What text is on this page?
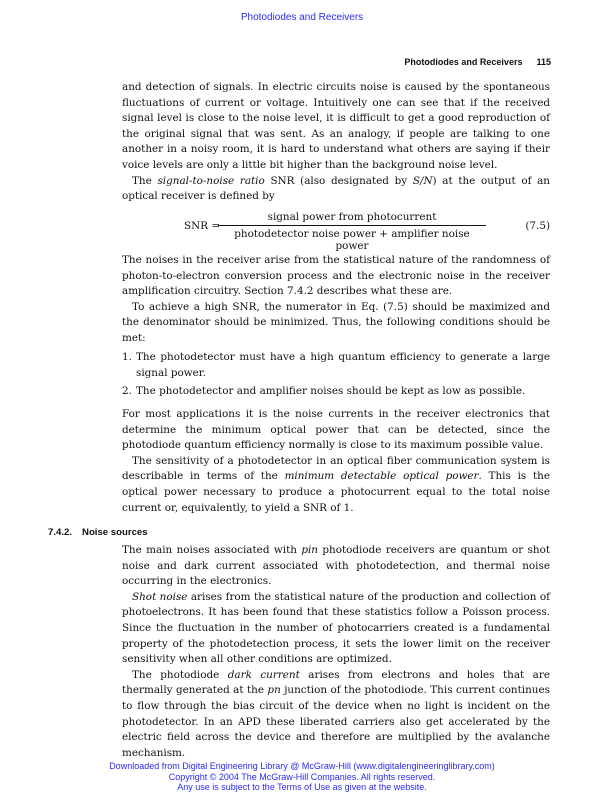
Photodiodes and Receivers
Photodiodes and Receivers 115

and detection of signals. In electric circuits noise is caused by the spontaneous fluctuations of current or voltage. Intuitively one can see that if the received signal level is close to the noise level, it is difficult to get a good reproduction of the original signal that was sent. As an analogy, if people are talking to one another in a noisy room, it is hard to understand what others are saying if their voice levels are only a little bit higher than the background noise level.

The signal-to-noise ratio SNR (also designated by S/N) at the output of an optical receiver is defined by

SNR =
signal power from photocurrent
photodetector noise power + amplifier noise power
(7.5)

The noises in the receiver arise from the statistical nature of the randomness of photon-to-electron conversion process and the electronic noise in the receiver amplification circuitry. Section 7.4.2 describes what these are.

To achieve a high SNR, the numerator in Eq. (7.5) should be maximized and the denominator should be minimized. Thus, the following conditions should be met:

1. The photodetector must have a high quantum efficiency to generate a large signal power.
2. The photodetector and amplifier noises should be kept as low as possible.

For most applications it is the noise currents in the receiver electronics that determine the minimum optical power that can be detected, since the photodiode quantum efficiency normally is close to its maximum possible value.

The sensitivity of a photodetector in an optical fiber communication system is describable in terms of the minimum detectable optical power. This is the optical power necessary to produce a photocurrent equal to the total noise current or, equivalently, to yield a SNR of 1.

7.4.2. Noise sources

The main noises associated with pin photodiode receivers are quantum or shot noise and dark current associated with photodetection, and thermal noise occurring in the electronics.

Shot noise arises from the statistical nature of the production and collection of photoelectrons. It has been found that these statistics follow a Poisson process. Since the fluctuation in the number of photocarriers created is a fundamental property of the photodetection process, it sets the lower limit on the receiver sensitivity when all other conditions are optimized.

The photodiode dark current arises from electrons and holes that are thermally generated at the pn junction of the photodiode. This current continues to flow through the bias circuit of the device when no light is incident on the photodetector. In an APD these liberated carriers also get accelerated by the electric field across the device and therefore are multiplied by the avalanche mechanism.

Downloaded from Digital Engineering Library @ McGraw-Hill (www.digitalengineeringlibrary.com)
Copyright © 2004 The McGraw-Hill Companies. All rights reserved.
Any use is subject to the Terms of Use as given at the website.
